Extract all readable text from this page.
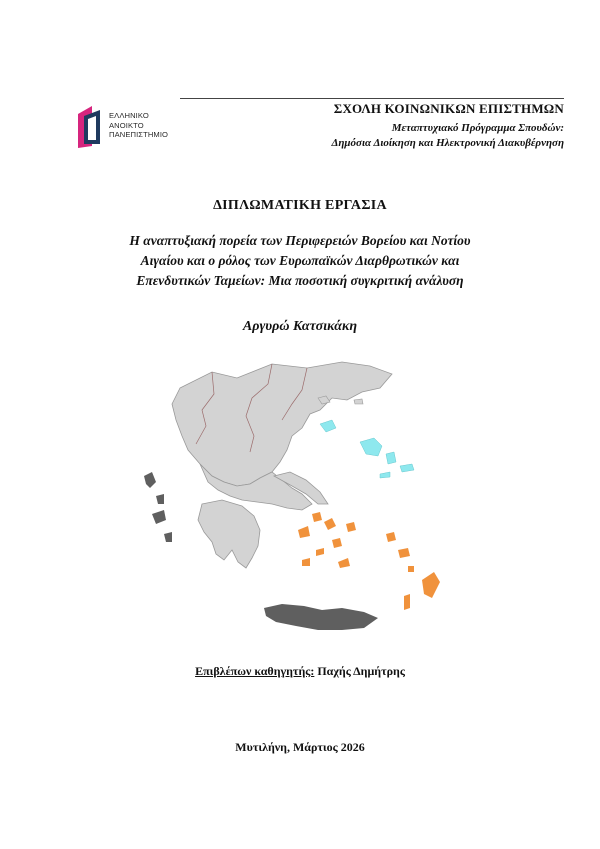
ΕΛΛΗΝΙΚΟ
ΑΝΟΙΚΤΟ
ΠΑΝΕΠΙΣΤΗΜΙΟ
ΣΧΟΛΗ ΚΟΙΝΩΝΙΚΩΝ ΕΠΙΣΤΗΜΩΝ
Μεταπτυχιακό Πρόγραμμα Σπουδών:
Δημόσια Διοίκηση και Ηλεκτρονική Διακυβέρνηση
ΔΙΠΛΩΜΑΤΙΚΗ ΕΡΓΑΣΙΑ
Η αναπτυξιακή πορεία των Περιφερειών Βορείου και Νοτίου
Αιγαίου και ο ρόλος των Ευρωπαϊκών Διαρθρωτικών και
Επενδυτικών Ταμείων: Μια ποσοτική συγκριτική ανάλυση
Αργυρώ Κατσικάκη
Επιβλέπων καθηγητής: Παχής Δημήτρης
Μυτιλήνη, Μάρτιος 2026
